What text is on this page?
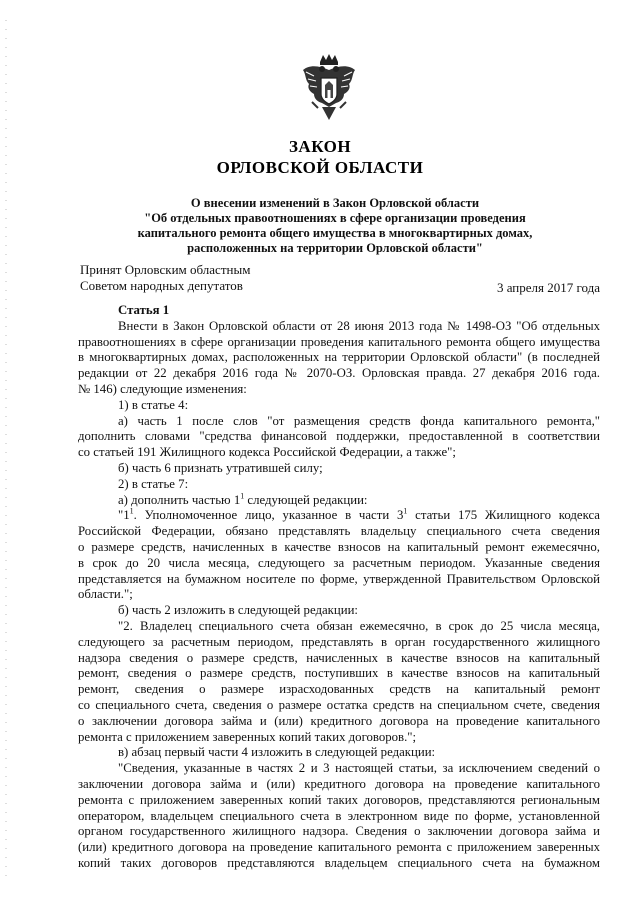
ЗАКОН
ОРЛОВСКОЙ ОБЛАСТИ
О внесении изменений в Закон Орловской области
"Об отдельных правоотношениях в сфере организации проведения
капитального ремонта общего имущества в многоквартирных домах,
расположенных на территории Орловской области"
Принят Орловским областным
Советом народных депутатов	3 апреля 2017 года
Статья 1
Внести в Закон Орловской области от 28 июня 2013 года № 1498-ОЗ "Об отдельных
правоотношениях в сфере организации проведения капитального ремонта общего имущества
в многоквартирных домах, расположенных на территории Орловской области" (в последней
редакции от 22 декабря 2016 года № 2070-ОЗ. Орловская правда. 27 декабря 2016 года.
№ 146) следующие изменения:
1) в статье 4:
а) часть 1 после слов "от размещения средств фонда капитального ремонта,"
дополнить словами "средства финансовой поддержки, предоставленной в соответствии
со статьей 191 Жилищного кодекса Российской Федерации, а также";
б) часть 6 признать утратившей силу;
2) в статье 7:
а) дополнить частью $1^1$ следующей редакции:
"$1^1$. Уполномоченное лицо, указанное в части $3^1$ статьи 175 Жилищного кодекса
Российской Федерации, обязано представлять владельцу специального счета сведения
о размере средств, начисленных в качестве взносов на капитальный ремонт ежемесячно,
в срок до 20 числа месяца, следующего за расчетным периодом. Указанные сведения
представляется на бумажном носителе по форме, утвержденной Правительством Орловской
области.";
б) часть 2 изложить в следующей редакции:
"2. Владелец специального счета обязан ежемесячно, в срок до 25 числа месяца,
следующего за расчетным периодом, представлять в орган государственного жилищного
надзора сведения о размере средств, начисленных в качестве взносов на капитальный
ремонт, сведения о размере средств, поступивших в качестве взносов на капитальный
ремонт, сведения о размере израсходованных средств на капитальный ремонт
со специального счета, сведения о размере остатка средств на специальном счете, сведения
о заключении договора займа и (или) кредитного договора на проведение капитального
ремонта с приложением заверенных копий таких договоров.";
в) абзац первый части 4 изложить в следующей редакции:
"Сведения, указанные в частях 2 и 3 настоящей статьи, за исключением сведений о
заключении договора займа и (или) кредитного договора на проведение капитального
ремонта с приложением заверенных копий таких договоров, представляются региональным
оператором, владельцем специального счета в электронном виде по форме, установленной
органом государственного жилищного надзора. Сведения о заключении договора займа и
(или) кредитного договора на проведение капитального ремонта с приложением заверенных
копий таких договоров представляются владельцем специального счета на бумажном
